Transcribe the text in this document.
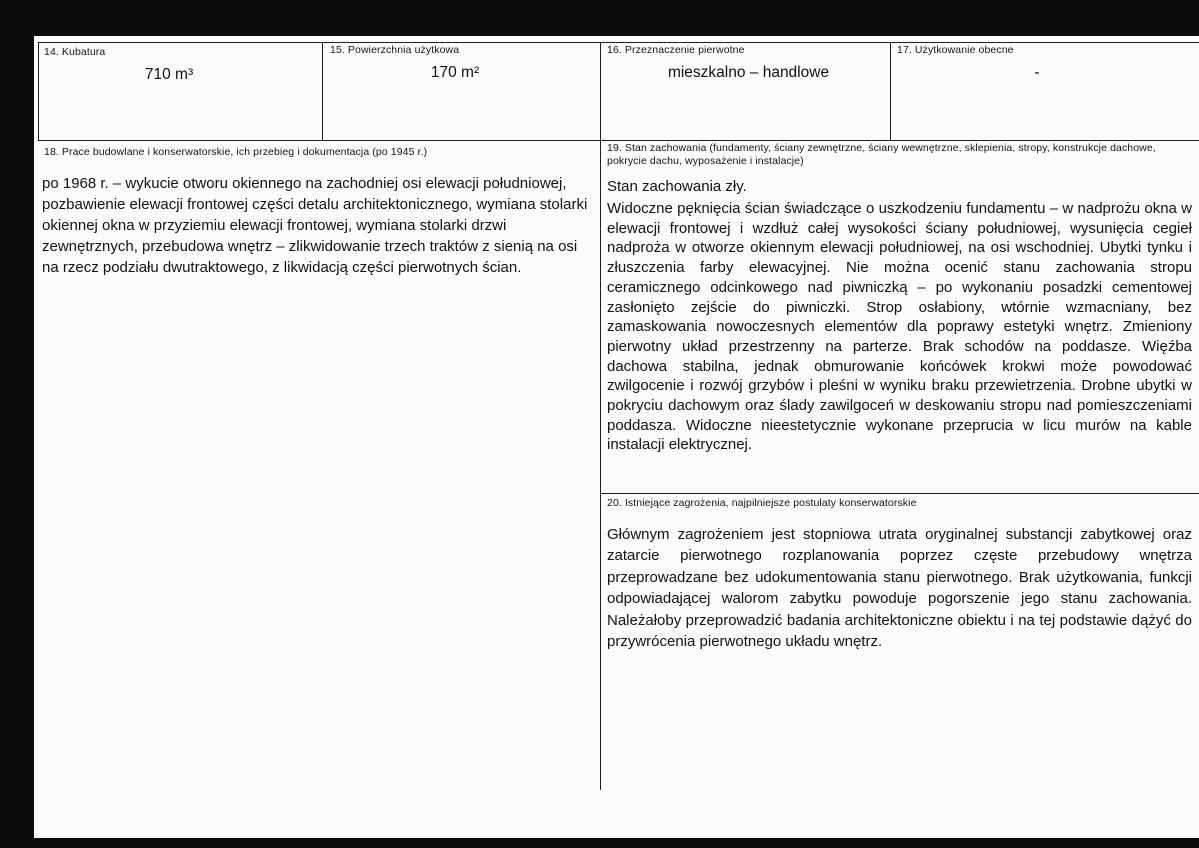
14. Kubatura
710 m³
15. Powierzchnia użytkowa
170 m²
16. Przeznaczenie pierwotne
mieszkalno – handlowe
17. Użytkowanie obecne
-
18. Prace budowlane i konserwatorskie, ich przebieg i dokumentacja (po 1945 r.)
po 1968 r. – wykucie otworu okiennego na zachodniej osi elewacji południowej, pozbawienie elewacji frontowej części detalu architektonicznego, wymiana stolarki okiennej okna w przyziemiu elewacji frontowej, wymiana stolarki drzwi zewnętrznych, przebudowa wnętrz – zlikwidowanie trzech traktów z sienią na osi na rzecz podziału dwutraktowego, z likwidacją części pierwotnych ścian.
19. Stan zachowania (fundamenty, ściany zewnętrzne, ściany wewnętrzne, sklepienia, stropy, konstrukcje dachowe, pokrycie dachu, wyposażenie i instalacje)
Stan zachowania zły.
Widoczne pęknięcia ścian świadczące o uszkodzeniu fundamentu – w nadprożu okna w elewacji frontowej i wzdłuż całej wysokości ściany południowej, wysunięcia cegieł nadproża w otworze okiennym elewacji południowej, na osi wschodniej. Ubytki tynku i złuszczenia farby elewacyjnej. Nie można ocenić stanu zachowania stropu ceramicznego odcinkowego nad piwniczką – po wykonaniu posadzki cementowej zasłonięto zejście do piwniczki. Strop osłabiony, wtórnie wzmacniany, bez zamaskowania nowoczesnych elementów dla poprawy estetyki wnętrz. Zmieniony pierwotny układ przestrzenny na parterze. Brak schodów na poddasze. Więźba dachowa stabilna, jednak obmurowanie końcówek krokwi może powodować zwilgocenie i rozwój grzybów i pleśni w wyniku braku przewietrzenia. Drobne ubytki w pokryciu dachowym oraz ślady zawilgoceń w deskowaniu stropu nad pomieszczeniami poddasza. Widoczne nieestetycznie wykonane przeprucia w licu murów na kable instalacji elektrycznej.
20. Istniejące zagrożenia, najpilniejsze postulaty konserwatorskie
Głównym zagrożeniem jest stopniowa utrata oryginalnej substancji zabytkowej oraz zatarcie pierwotnego rozplanowania poprzez częste przebudowy wnętrza przeprowadzane bez udokumentowania stanu pierwotnego. Brak użytkowania, funkcji odpowiadającej walorom zabytku powoduje pogorszenie jego stanu zachowania. Należałoby przeprowadzić badania architektoniczne obiektu i na tej podstawie dążyć do przywrócenia pierwotnego układu wnętrz.
